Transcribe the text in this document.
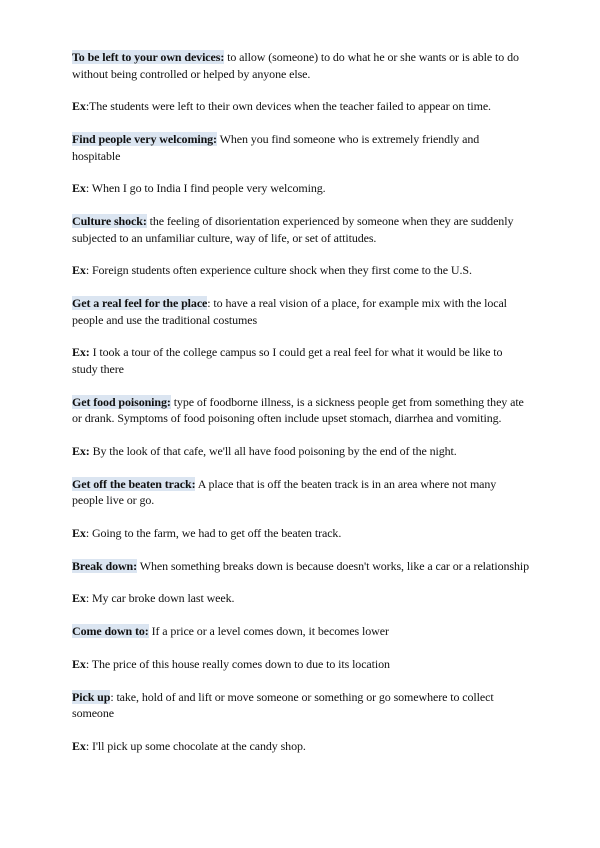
To be left to your own devices: to allow (someone) to do what he or she wants or is able to do without being controlled or helped by anyone else.

Ex:The students were left to their own devices when the teacher failed to appear on time.

Find people very welcoming: When you find someone who is extremely friendly and hospitable

Ex: When I go to India I find people very welcoming.

Culture shock: the feeling of disorientation experienced by someone when they are suddenly subjected to an unfamiliar culture, way of life, or set of attitudes.

Ex: Foreign students often experience culture shock when they first come to the U.S.

Get a real feel for the place: to have a real vision of a place, for example mix with the local people and use the traditional costumes

Ex: I took a tour of the college campus so I could get a real feel for what it would be like to study there

Get food poisoning: type of foodborne illness, is a sickness people get from something they ate or drank. Symptoms of food poisoning often include upset stomach, diarrhea and vomiting.

Ex: By the look of that cafe, we'll all have food poisoning by the end of the night.

Get off the beaten track: A place that is off the beaten track is in an area where not many people live or go.

Ex: Going to the farm, we had to get off the beaten track.

Break down: When something breaks down is because doesn't works, like a car or a relationship

Ex: My car broke down last week.

Come down to: If a price or a level comes down, it becomes lower

Ex: The price of this house really comes down to due to its location

Pick up: take, hold of and lift or move someone or something or go somewhere to collect someone

Ex: I'll pick up some chocolate at the candy shop.
